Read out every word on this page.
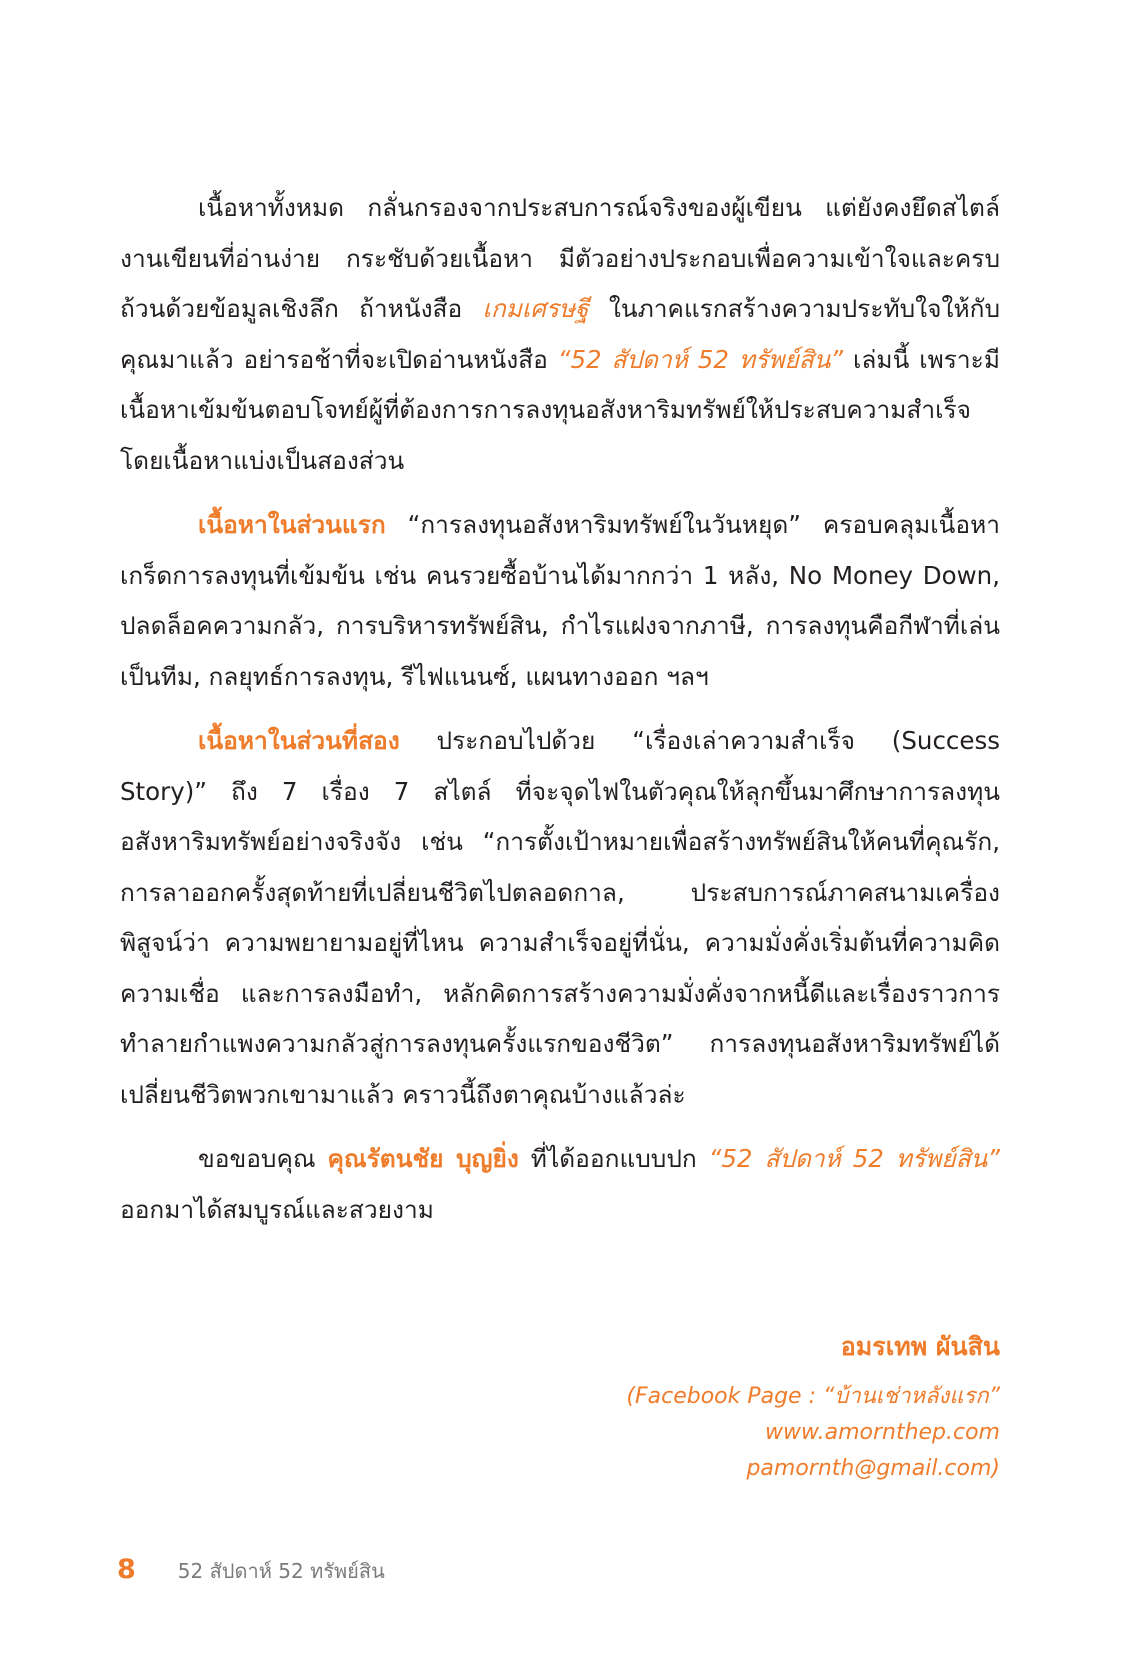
เนื้อหาทั้งหมด กลั่นกรองจากประสบการณ์จริงของผู้เขียน แต่ยังคงยึดสไตล์งานเขียนที่อ่านง่าย กระชับด้วยเนื้อหา มีตัวอย่างประกอบเพื่อความเข้าใจและครบถ้วนด้วยข้อมูลเชิงลึก ถ้าหนังสือ เกมเศรษฐี ในภาคแรกสร้างความประทับใจให้กับคุณมาแล้ว อย่ารอช้าที่จะเปิดอ่านหนังสือ “52 สัปดาห์ 52 ทรัพย์สิน” เล่มนี้ เพราะมีเนื้อหาเข้มข้นตอบโจทย์ผู้ที่ต้องการการลงทุนอสังหาริมทรัพย์ให้ประสบความสำเร็จ โดยเนื้อหาแบ่งเป็นสองส่วน

เนื้อหาในส่วนแรก “การลงทุนอสังหาริมทรัพย์ในวันหยุด” ครอบคลุมเนื้อหาเกร็ดการลงทุนที่เข้มข้น เช่น คนรวยซื้อบ้านได้มากกว่า 1 หลัง, No Money Down, ปลดล็อคความกลัว, การบริหารทรัพย์สิน, กำไรแฝงจากภาษี, การลงทุนคือกีฬาที่เล่นเป็นทีม, กลยุทธ์การลงทุน, รีไฟแนนซ์, แผนทางออก ฯลฯ

เนื้อหาในส่วนที่สอง ประกอบไปด้วย “เรื่องเล่าความสำเร็จ (Success Story)” ถึง 7 เรื่อง 7 สไตล์ ที่จะจุดไฟในตัวคุณให้ลุกขึ้นมาศึกษาการลงทุนอสังหาริมทรัพย์อย่างจริงจัง เช่น “การตั้งเป้าหมายเพื่อสร้างทรัพย์สินให้คนที่คุณรัก, การลาออกครั้งสุดท้ายที่เปลี่ยนชีวิตไปตลอดกาล, ประสบการณ์ภาคสนามเครื่องพิสูจน์ว่า ความพยายามอยู่ที่ไหน ความสำเร็จอยู่ที่นั่น, ความมั่งคั่งเริ่มต้นที่ความคิด ความเชื่อ และการลงมือทำ, หลักคิดการสร้างความมั่งคั่งจากหนี้ดีและเรื่องราวการทำลายกำแพงความกลัวสู่การลงทุนครั้งแรกของชีวิต” การลงทุนอสังหาริมทรัพย์ได้เปลี่ยนชีวิตพวกเขามาแล้ว คราวนี้ถึงตาคุณบ้างแล้วล่ะ

ขอขอบคุณ คุณรัตนชัย บุญยิ่ง ที่ได้ออกแบบปก “52 สัปดาห์ 52 ทรัพย์สิน” ออกมาได้สมบูรณ์และสวยงาม

อมรเทพ ผันสิน
(Facebook Page : “บ้านเช่าหลังแรก”
www.amornthep.com
pamornth@gmail.com)
8 52 สัปดาห์ 52 ทรัพย์สิน
